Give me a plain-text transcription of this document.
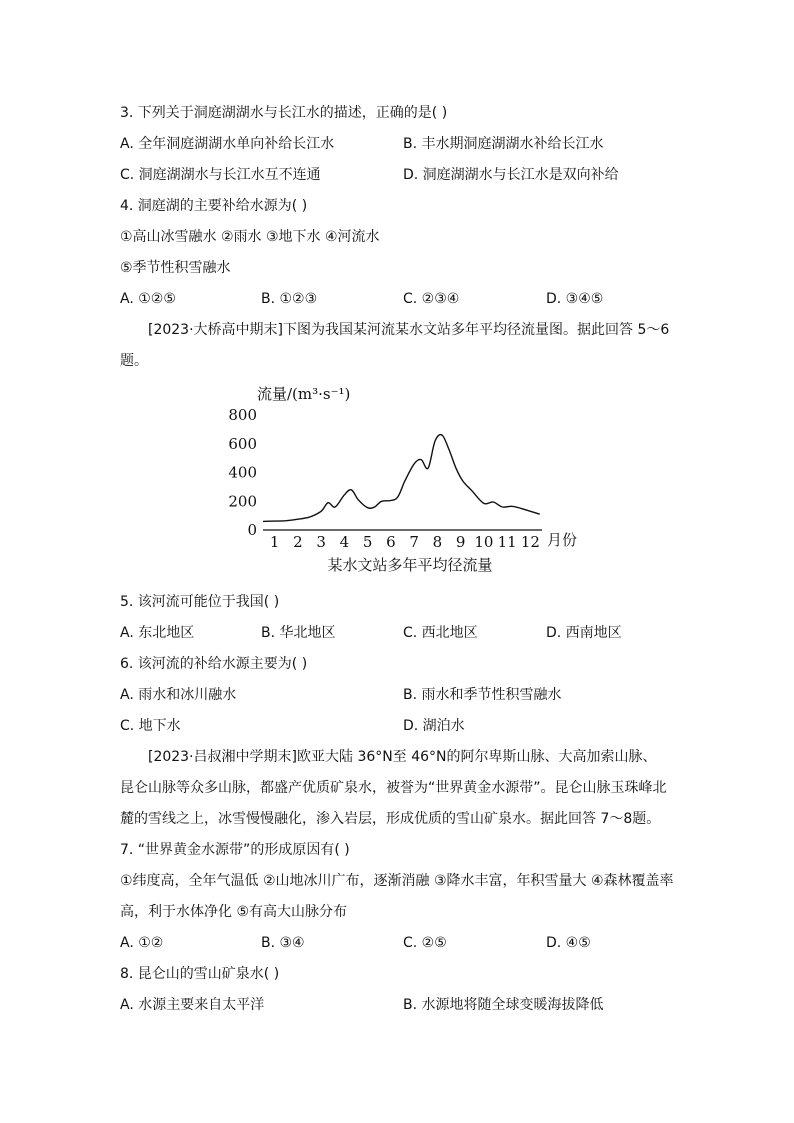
3. 下列关于洞庭湖湖水与长江水的描述，正确的是( )
A. 全年洞庭湖湖水单向补给长江水	B. 丰水期洞庭湖湖水补给长江水
C. 洞庭湖湖水与长江水互不连通	D. 洞庭湖湖水与长江水是双向补给
4. 洞庭湖的主要补给水源为( )
①高山冰雪融水 ②雨水 ③地下水 ④河流水
⑤季节性积雪融水
A. ①②⑤	B. ①②③	C. ②③④	D. ③④⑤
[2023·大桥高中期末]下图为我国某河流某水文站多年平均径流量图。据此回答 5～6
题。
0
200
400
600
800
1 2 3 4 5 6 7 8 9 10 11 12
流量/(m³·s⁻¹)
月份
某水文站多年平均径流量
5. 该河流可能位于我国( )
A. 东北地区	B. 华北地区	C. 西北地区	D. 西南地区
6. 该河流的补给水源主要为( )
A. 雨水和冰川融水	B. 雨水和季节性积雪融水
C. 地下水	D. 湖泊水
[2023·吕叔湘中学期末]欧亚大陆 36°N至 46°N的阿尔卑斯山脉、大高加索山脉、
昆仑山脉等众多山脉，都盛产优质矿泉水，被誉为“世界黄金水源带”。昆仑山脉玉珠峰北
麓的雪线之上，冰雪慢慢融化，渗入岩层，形成优质的雪山矿泉水。据此回答 7～8题。
7. “世界黄金水源带”的形成原因有( )
①纬度高，全年气温低 ②山地冰川广布，逐渐消融 ③降水丰富，年积雪量大 ④森林覆盖率
高，利于水体净化 ⑤有高大山脉分布
A. ①②	B. ③④	C. ②⑤	D. ④⑤
8. 昆仑山的雪山矿泉水( )
A. 水源主要来自太平洋	B. 水源地将随全球变暖海拔降低
